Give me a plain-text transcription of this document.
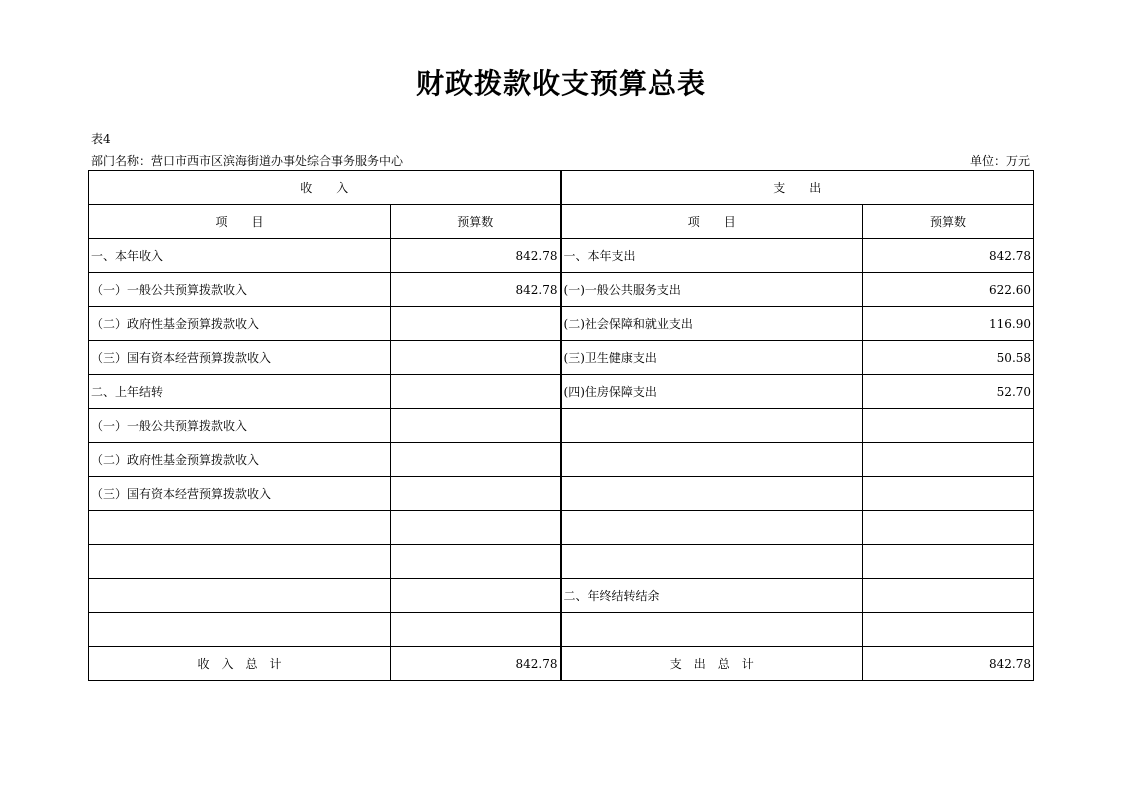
财政拨款收支预算总表
表4
部门名称：营口市西市区滨海街道办事处综合事务服务中心	单位：万元
收　　入		支　　出	
项　　目	预算数	项　　目	预算数
一、本年收入	842.78	一、本年支出	842.78
（一）一般公共预算拨款收入	842.78	(一)一般公共服务支出	622.60
（二）政府性基金预算拨款收入		(二)社会保障和就业支出	116.90
（三）国有资本经营预算拨款收入		(三)卫生健康支出	50.58
二、上年结转		(四)住房保障支出	52.70
（一）一般公共预算拨款收入			
（二）政府性基金预算拨款收入			
（三）国有资本经营预算拨款收入			

		二、年终结转结余	

收　入　总　计	842.78	支　出　总　计	842.78
